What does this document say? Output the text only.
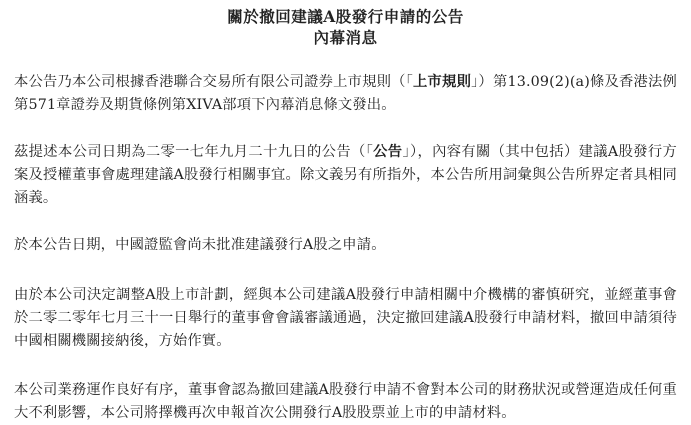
關於撤回建議A股發行申請的公告
內幕消息

本公告乃本公司根據香港聯合交易所有限公司證券上市規則（「上市規則」）第13.09(2)(a)條及香港法例第571章證券及期貨條例第XIVA部項下內幕消息條文發出。

茲提述本公司日期為二零一七年九月二十九日的公告（「公告」），內容有關（其中包括）建議A股發行方案及授權董事會處理建議A股發行相關事宜。除文義另有所指外，本公告所用詞彙與公告所界定者具相同涵義。

於本公告日期，中國證監會尚未批准建議發行A股之申請。

由於本公司決定調整A股上市計劃，經與本公司建議A股發行申請相關中介機構的審慎研究，並經董事會於二零二零年七月三十一日舉行的董事會會議審議通過，決定撤回建議A股發行申請材料，撤回申請須待中國相關機關接納後，方始作實。

本公司業務運作良好有序，董事會認為撤回建議A股發行申請不會對本公司的財務狀況或營運造成任何重大不利影響，本公司將擇機再次申報首次公開發行A股股票並上市的申請材料。
